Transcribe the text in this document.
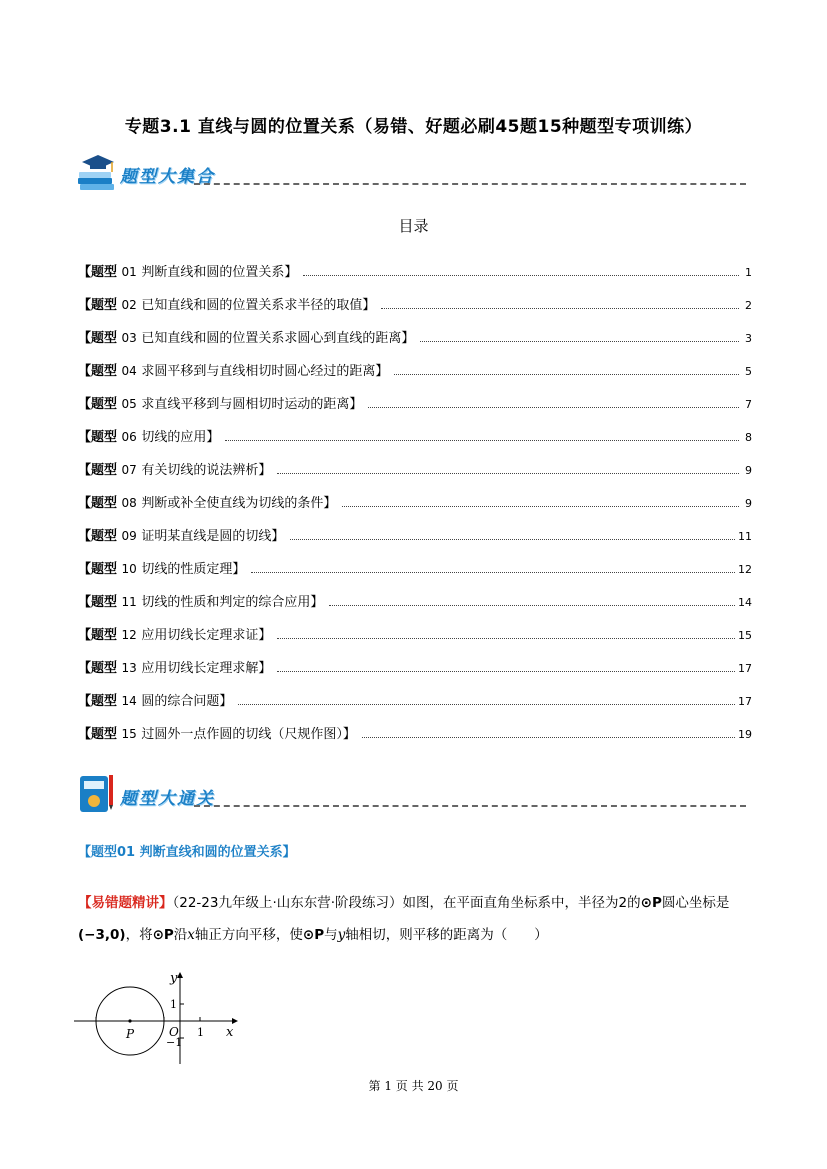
专题3.1 直线与圆的位置关系（易错、好题必刷45题15种题型专项训练）
题型大集合
目录
【题型 01 判断直线和圆的位置关系】	1
【题型 02 已知直线和圆的位置关系求半径的取值】	2
【题型 03 已知直线和圆的位置关系求圆心到直线的距离】	3
【题型 04 求圆平移到与直线相切时圆心经过的距离】	5
【题型 05 求直线平移到与圆相切时运动的距离】	7
【题型 06 切线的应用】	8
【题型 07 有关切线的说法辨析】	9
【题型 08 判断或补全使直线为切线的条件】	9
【题型 09 证明某直线是圆的切线】	11
【题型 10 切线的性质定理】	12
【题型 11 切线的性质和判定的综合应用】	14
【题型 12 应用切线长定理求证】	15
【题型 13 应用切线长定理求解】	17
【题型 14 圆的综合问题】	17
【题型 15 过圆外一点作圆的切线（尺规作图）】	19
题型大通关
【题型01 判断直线和圆的位置关系】
【易错题精讲】（22-23九年级上·山东东营·阶段练习）如图，在平面直角坐标系中，半径为2的⊙P圆心坐标是(−3,0)，将⊙P沿x轴正方向平移，使⊙P与y轴相切，则平移的距离为（　　）
y
x
O
P
1
−1
1
第 1 页 共 20 页
